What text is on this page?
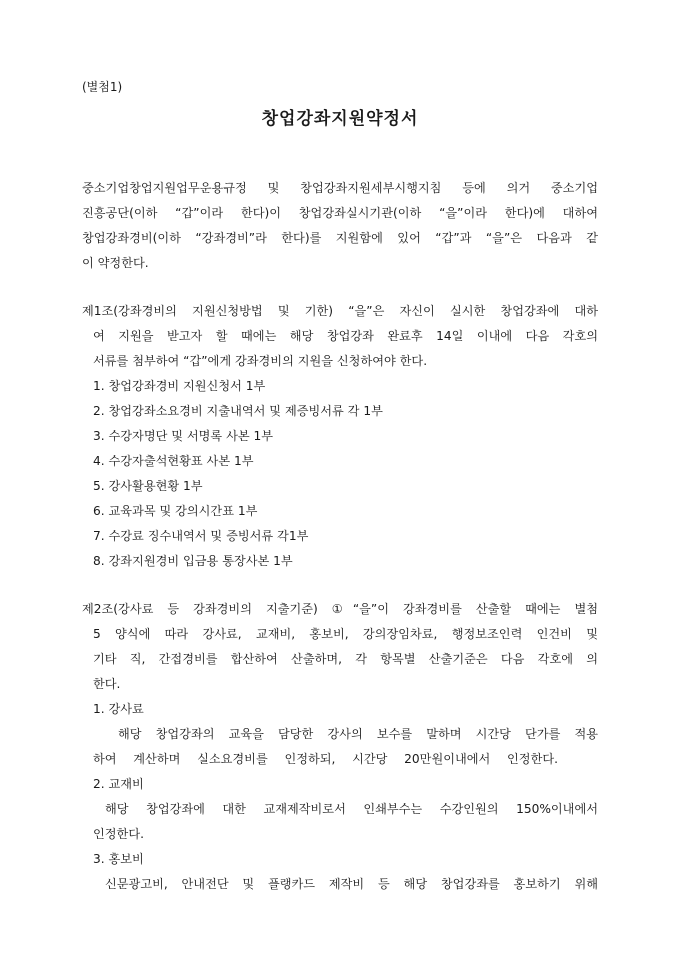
(별첨1)
창업강좌지원약정서
중소기업창업지원업무운용규정 및 창업강좌지원세부시행지침 등에 의거 중소기업
진흥공단(이하 “갑”이라 한다)이 창업강좌실시기관(이하 “을”이라 한다)에 대하여
창업강좌경비(이하 “강좌경비”라 한다)를 지원함에 있어 “갑”과 “을”은 다음과 같
이 약정한다.
제1조(강좌경비의 지원신청방법 및 기한) “을”은 자신이 실시한 창업강좌에 대하
여 지원을 받고자 할 때에는 해당 창업강좌 완료후 14일 이내에 다음 각호의
서류를 첨부하여 “갑”에게 강좌경비의 지원을 신청하여야 한다.
1. 창업강좌경비 지원신청서 1부
2. 창업강좌소요경비 지출내역서 및 제증빙서류 각 1부
3. 수강자명단 및 서명록 사본 1부
4. 수강자출석현황표 사본 1부
5. 강사활용현황 1부
6. 교육과목 및 강의시간표 1부
7. 수강료 징수내역서 및 증빙서류 각1부
8. 강좌지원경비 입금용 통장사본 1부
제2조(강사료 등 강좌경비의 지출기준) ①“을”이 강좌경비를 산출할 때에는 별첨
5 양식에 따라 강사료, 교재비, 홍보비, 강의장임차료, 행정보조인력 인건비 및
기타 직, 간접경비를 합산하여 산출하며, 각 항목별 산출기준은 다음 각호에 의
한다.
1. 강사료
해당 창업강좌의 교육을 담당한 강사의 보수를 말하며 시간당 단가를 적용
하여 계산하며 실소요경비를 인정하되, 시간당 20만원이내에서 인정한다.
2. 교재비
해당 창업강좌에 대한 교재제작비로서 인쇄부수는 수강인원의 150%이내에서
인정한다.
3. 홍보비
신문광고비, 안내전단 및 플랭카드 제작비 등 해당 창업강좌를 홍보하기 위해
